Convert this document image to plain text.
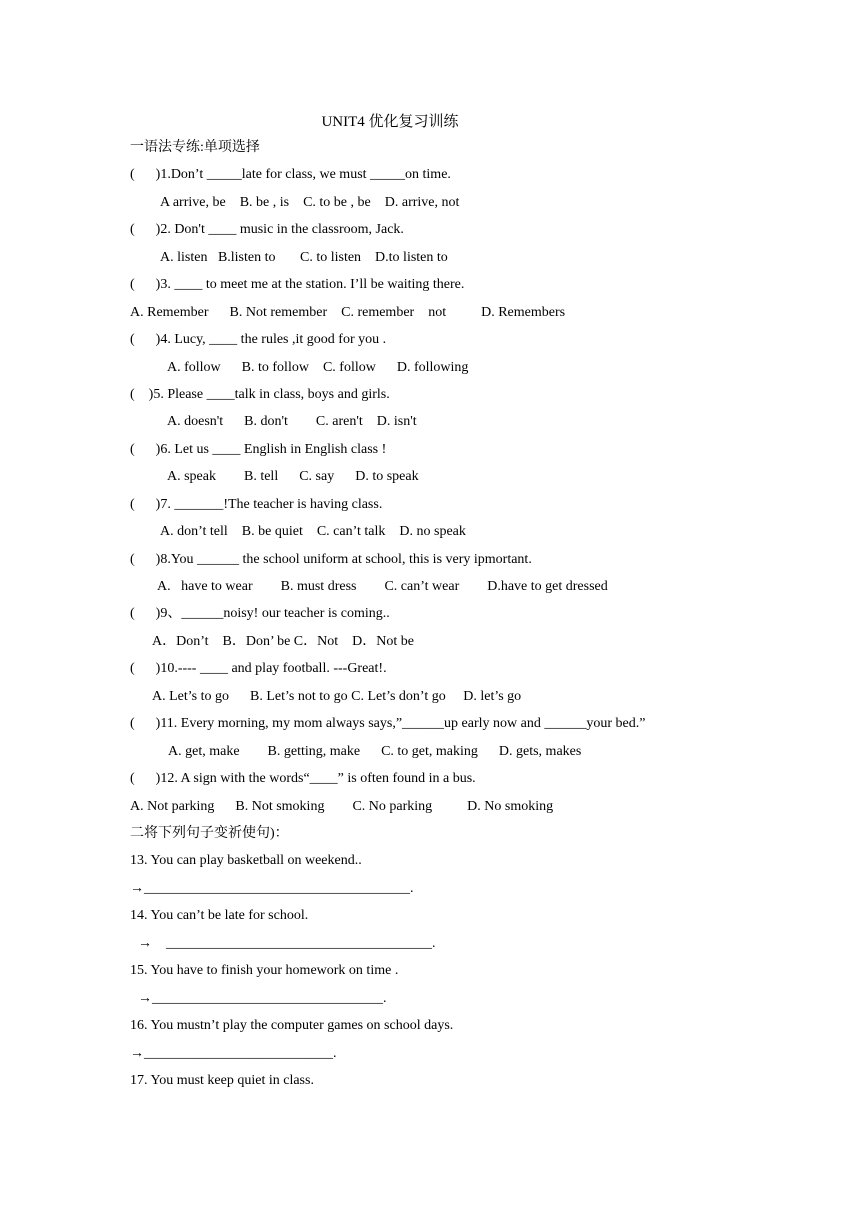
UNIT4 优化复习训练
一语法专练:单项选择
(      )1.Don’t _____late for class, we must _____on time.
A arrive, be    B. be , is    C. to be , be    D. arrive, not
(      )2. Don't ____ music in the classroom, Jack.
A. listen   B.listen to       C. to listen    D.to listen to
(      )3. ____ to meet me at the station. I’ll be waiting there.
A. Remember      B. Not remember    C. remember    not          D. Remembers
(      )4. Lucy, ____ the rules ,it good for you .
A. follow      B. to follow    C. follow      D. following
(    )5. Please ____talk in class, boys and girls.
A. doesn't      B. don't        C. aren't    D. isn't
(      )6. Let us ____ English in English class !
A. speak        B. tell      C. say      D. to speak
(      )7. _______!The teacher is having class.
A. don’t tell    B. be quiet    C. can’t talk    D. no speak
(      )8.You ______ the school uniform at school, this is very ipmortant.
A.   have to wear        B. must dress        C. can’t wear        D.have to get dressed
(      )9、______noisy! our teacher is coming..
A．Don’t    B．Don’ be C．Not    D．Not be
(      )10.---- ____ and play football. ---Great!.
A. Let’s to go      B. Let’s not to go C. Let’s don’t go     D. let’s go
(      )11. Every morning, my mom always says,”______up early now and ______your bed.”
A. get, make        B. getting, make      C. to get, making      D. gets, makes
(      )12. A sign with the words“____” is often found in a bus.
A. Not parking      B. Not smoking        C. No parking          D. No smoking
二将下列句子变祈使句)：
13. You can play basketball on weekend..
→______________________________________.
14. You can’t be late for school.
→    ______________________________________.
15. You have to finish your homework on time .
→_________________________________.
16. You mustn’t play the computer games on school days.
→___________________________.
17. You must keep quiet in class.
